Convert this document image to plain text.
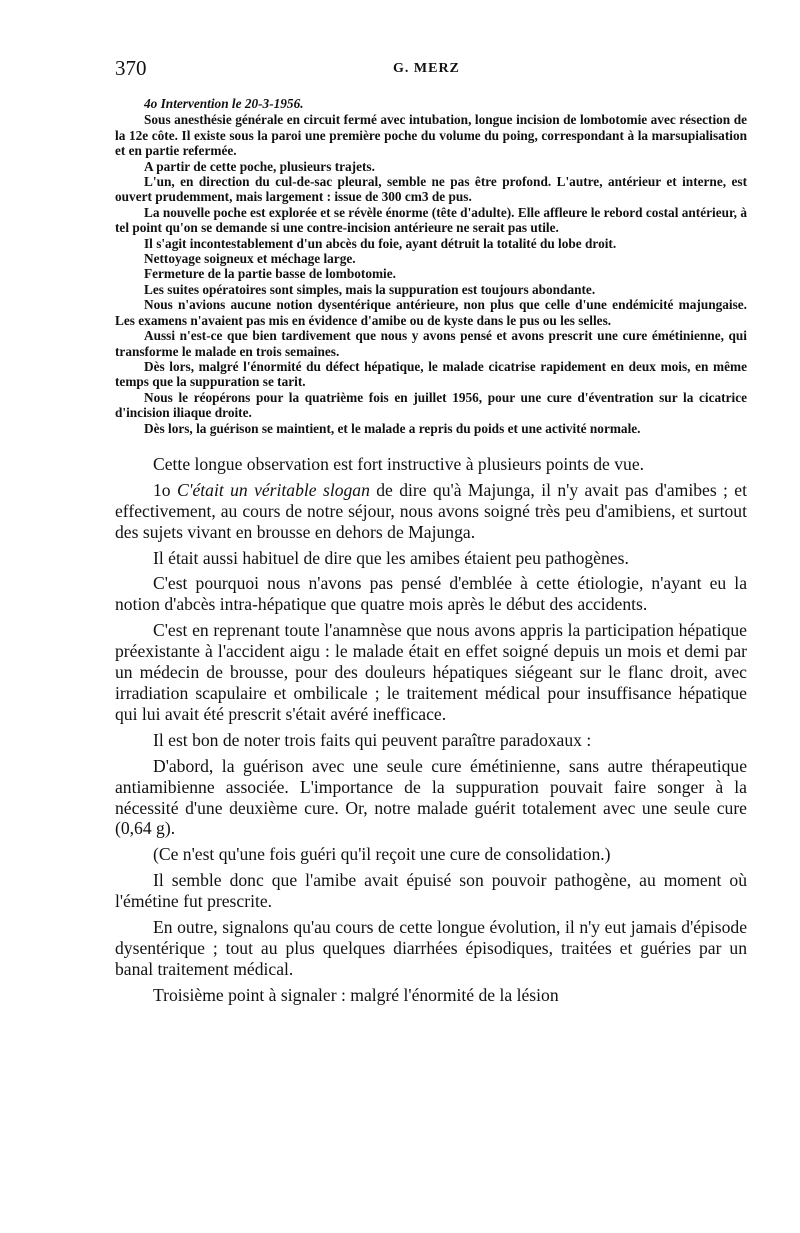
370	G. MERZ

4o Intervention le 20-3-1956.

Sous anesthésie générale en circuit fermé avec intubation, longue incision de lombotomie avec résection de la 12e côte. Il existe sous la paroi une première poche du volume du poing, correspondant à la marsupialisation et en partie refermée.

A partir de cette poche, plusieurs trajets.

L'un, en direction du cul-de-sac pleural, semble ne pas être profond. L'autre, antérieur et interne, est ouvert prudemment, mais largement : issue de 300 cm3 de pus.

La nouvelle poche est explorée et se révèle énorme (tête d'adulte). Elle affleure le rebord costal antérieur, à tel point qu'on se demande si une contre-incision antérieure ne serait pas utile.

Il s'agit incontestablement d'un abcès du foie, ayant détruit la totalité du lobe droit.

Nettoyage soigneux et méchage large.

Fermeture de la partie basse de lombotomie.

Les suites opératoires sont simples, mais la suppuration est toujours abondante.

Nous n'avions aucune notion dysentérique antérieure, non plus que celle d'une endémicité majungaise. Les examens n'avaient pas mis en évidence d'amibe ou de kyste dans le pus ou les selles.

Aussi n'est-ce que bien tardivement que nous y avons pensé et avons prescrit une cure émétinienne, qui transforme le malade en trois semaines.

Dès lors, malgré l'énormité du défect hépatique, le malade cicatrise rapidement en deux mois, en même temps que la suppuration se tarit.

Nous le réopérons pour la quatrième fois en juillet 1956, pour une cure d'éventration sur la cicatrice d'incision iliaque droite.

Dès lors, la guérison se maintient, et le malade a repris du poids et une activité normale.

Cette longue observation est fort instructive à plusieurs points de vue.

1o C'était un véritable slogan de dire qu'à Majunga, il n'y avait pas d'amibes ; et effectivement, au cours de notre séjour, nous avons soigné très peu d'amibiens, et surtout des sujets vivant en brousse en dehors de Majunga.

Il était aussi habituel de dire que les amibes étaient peu pathogènes.

C'est pourquoi nous n'avons pas pensé d'emblée à cette étiologie, n'ayant eu la notion d'abcès intra-hépatique que quatre mois après le début des accidents.

C'est en reprenant toute l'anamnèse que nous avons appris la participation hépatique préexistante à l'accident aigu : le malade était en effet soigné depuis un mois et demi par un médecin de brousse, pour des douleurs hépatiques siégeant sur le flanc droit, avec irradiation scapulaire et ombilicale ; le traitement médical pour insuffisance hépatique qui lui avait été prescrit s'était avéré inefficace.

Il est bon de noter trois faits qui peuvent paraître paradoxaux :

D'abord, la guérison avec une seule cure émétinienne, sans autre thérapeutique antiamibienne associée. L'importance de la suppuration pouvait faire songer à la nécessité d'une deuxième cure. Or, notre malade guérit totalement avec une seule cure (0,64 g).

(Ce n'est qu'une fois guéri qu'il reçoit une cure de consolidation.)

Il semble donc que l'amibe avait épuisé son pouvoir pathogène, au moment où l'émétine fut prescrite.

En outre, signalons qu'au cours de cette longue évolution, il n'y eut jamais d'épisode dysentérique ; tout au plus quelques diarrhées épisodiques, traitées et guéries par un banal traitement médical.

Troisième point à signaler : malgré l'énormité de la lésion
